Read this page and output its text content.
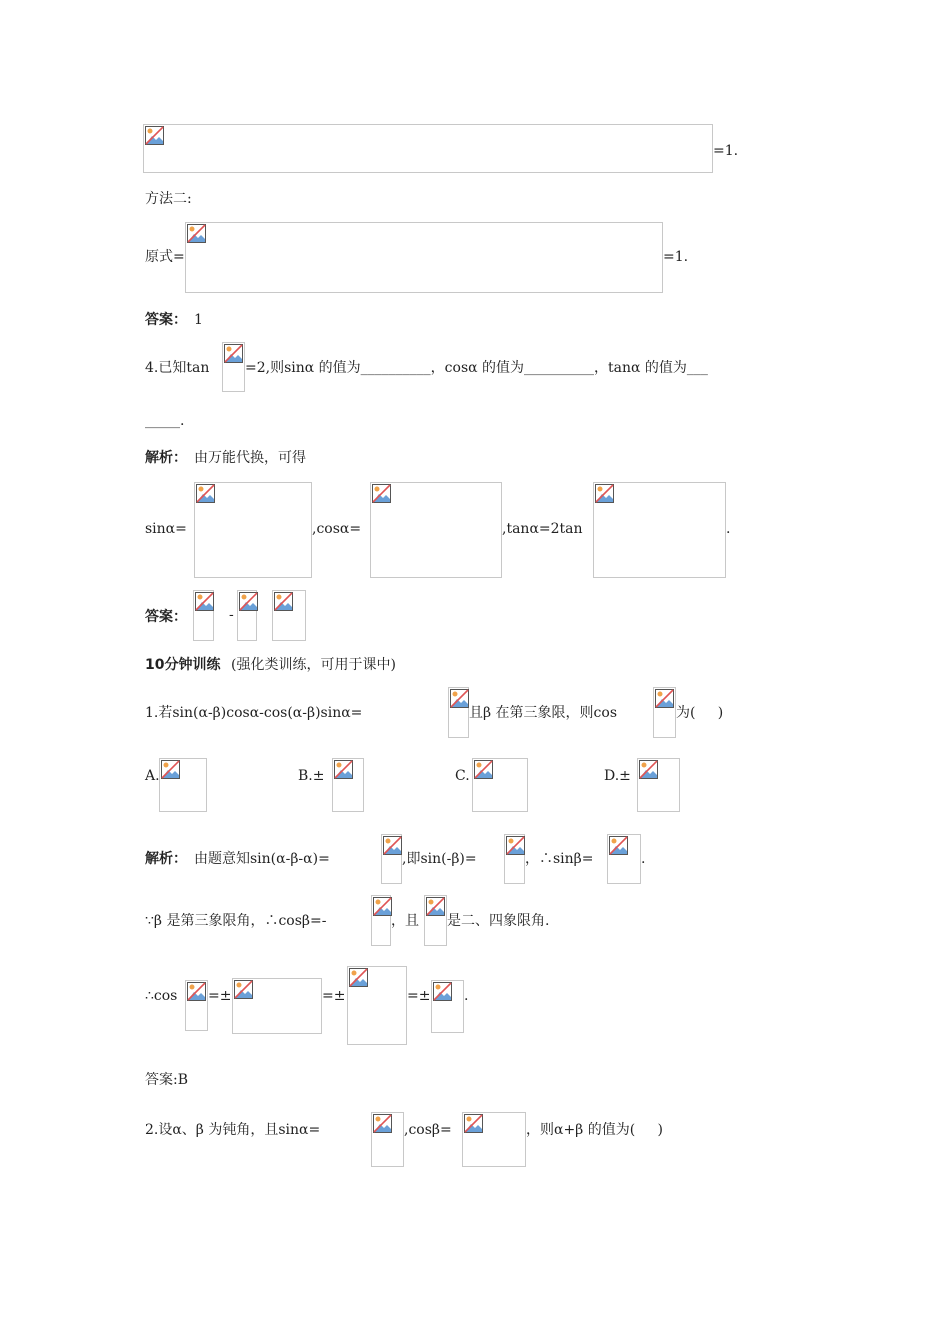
=1.
方法二:
原式=	=1.
答案： 1
4.已知tan	=2,则sinα 的值为__________，cosα 的值为__________，tanα 的值为___
_____.
解析： 由万能代换，可得
sinα=	,cosα=	,tanα=2tan	.
答案：	-
10分钟训练 (强化类训练，可用于课中)
1.若sin(α-β)cosα-cos(α-β)sinα=	且β 在第三象限，则cos	为(     )
A.	B.±	C.	D.±
解析： 由题意知sin(α-β-α)=	,即sin(-β)=	，∴sinβ=	.
∵β 是第三象限角，∴cosβ=-	，且 是二、四象限角.
∴cos =±	=±	=± .
答案:B
2.设α、β 为钝角，且sinα=	,cosβ=	，则α+β 的值为(     )
